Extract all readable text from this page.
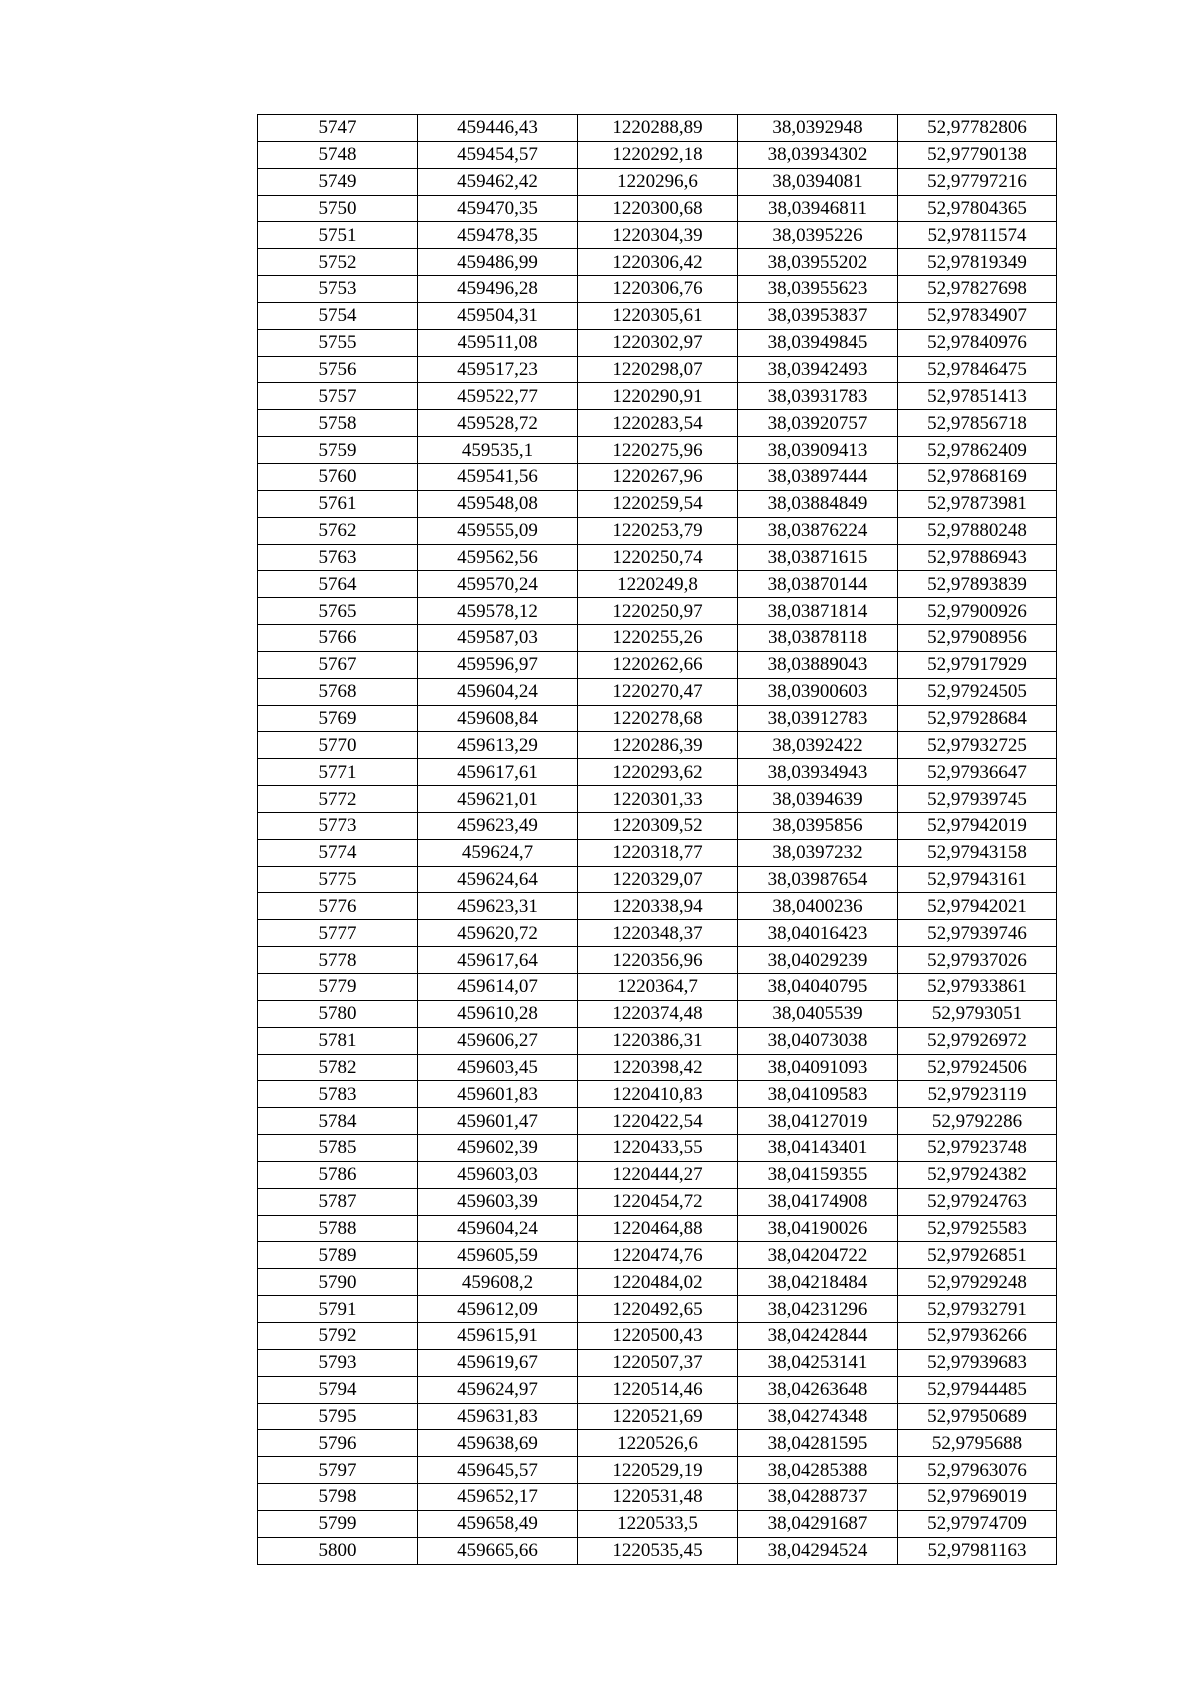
5747	459446,43	1220288,89	38,0392948	52,97782806
5748	459454,57	1220292,18	38,03934302	52,97790138
5749	459462,42	1220296,6	38,0394081	52,97797216
5750	459470,35	1220300,68	38,03946811	52,97804365
5751	459478,35	1220304,39	38,0395226	52,97811574
5752	459486,99	1220306,42	38,03955202	52,97819349
5753	459496,28	1220306,76	38,03955623	52,97827698
5754	459504,31	1220305,61	38,03953837	52,97834907
5755	459511,08	1220302,97	38,03949845	52,97840976
5756	459517,23	1220298,07	38,03942493	52,97846475
5757	459522,77	1220290,91	38,03931783	52,97851413
5758	459528,72	1220283,54	38,03920757	52,97856718
5759	459535,1	1220275,96	38,03909413	52,97862409
5760	459541,56	1220267,96	38,03897444	52,97868169
5761	459548,08	1220259,54	38,03884849	52,97873981
5762	459555,09	1220253,79	38,03876224	52,97880248
5763	459562,56	1220250,74	38,03871615	52,97886943
5764	459570,24	1220249,8	38,03870144	52,97893839
5765	459578,12	1220250,97	38,03871814	52,97900926
5766	459587,03	1220255,26	38,03878118	52,97908956
5767	459596,97	1220262,66	38,03889043	52,97917929
5768	459604,24	1220270,47	38,03900603	52,97924505
5769	459608,84	1220278,68	38,03912783	52,97928684
5770	459613,29	1220286,39	38,0392422	52,97932725
5771	459617,61	1220293,62	38,03934943	52,97936647
5772	459621,01	1220301,33	38,0394639	52,97939745
5773	459623,49	1220309,52	38,0395856	52,97942019
5774	459624,7	1220318,77	38,0397232	52,97943158
5775	459624,64	1220329,07	38,03987654	52,97943161
5776	459623,31	1220338,94	38,0400236	52,97942021
5777	459620,72	1220348,37	38,04016423	52,97939746
5778	459617,64	1220356,96	38,04029239	52,97937026
5779	459614,07	1220364,7	38,04040795	52,97933861
5780	459610,28	1220374,48	38,0405539	52,9793051
5781	459606,27	1220386,31	38,04073038	52,97926972
5782	459603,45	1220398,42	38,04091093	52,97924506
5783	459601,83	1220410,83	38,04109583	52,97923119
5784	459601,47	1220422,54	38,04127019	52,9792286
5785	459602,39	1220433,55	38,04143401	52,97923748
5786	459603,03	1220444,27	38,04159355	52,97924382
5787	459603,39	1220454,72	38,04174908	52,97924763
5788	459604,24	1220464,88	38,04190026	52,97925583
5789	459605,59	1220474,76	38,04204722	52,97926851
5790	459608,2	1220484,02	38,04218484	52,97929248
5791	459612,09	1220492,65	38,04231296	52,97932791
5792	459615,91	1220500,43	38,04242844	52,97936266
5793	459619,67	1220507,37	38,04253141	52,97939683
5794	459624,97	1220514,46	38,04263648	52,97944485
5795	459631,83	1220521,69	38,04274348	52,97950689
5796	459638,69	1220526,6	38,04281595	52,9795688
5797	459645,57	1220529,19	38,04285388	52,97963076
5798	459652,17	1220531,48	38,04288737	52,97969019
5799	459658,49	1220533,5	38,04291687	52,97974709
5800	459665,66	1220535,45	38,04294524	52,97981163
